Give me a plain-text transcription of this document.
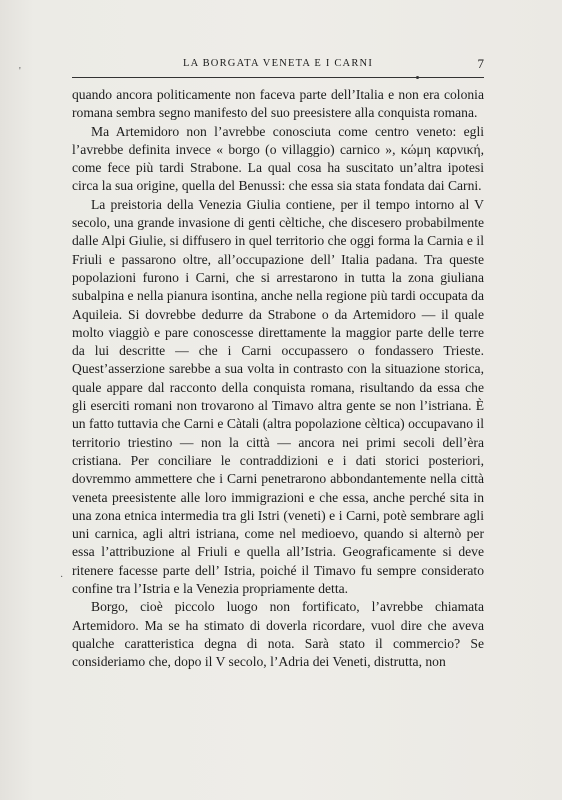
LA BORGATA VENETA E I CARNI	7

quando ancora politicamente non faceva parte dell’Italia e non era colonia romana sembra segno manifesto del suo preesistere alla conquista romana.

Ma Artemidoro non l’avrebbe conosciuta come centro veneto: egli l’avrebbe definita invece « borgo (o villaggio) carnico », κώμη καρνική, come fece più tardi Strabone. La qual cosa ha suscitato un’altra ipotesi circa la sua origine, quella del Benussi: che essa sia stata fondata dai Carni.

La preistoria della Venezia Giulia contiene, per il tempo intorno al V secolo, una grande invasione di genti cèltiche, che discesero probabilmente dalle Alpi Giulie, si diffusero in quel territorio che oggi forma la Carnia e il Friuli e passarono oltre, all’occupazione dell’ Italia padana. Tra queste popolazioni furono i Carni, che si arrestarono in tutta la zona giuliana subalpina e nella pianura isontina, anche nella regione più tardi occupata da Aquileia. Si dovrebbe dedurre da Strabone o da Artemidoro — il quale molto viaggiò e pare conoscesse direttamente la maggior parte delle terre da lui descritte — che i Carni occupassero o fondassero Trieste. Quest’asserzione sarebbe a sua volta in contrasto con la situazione storica, quale appare dal racconto della conquista romana, risultando da essa che gli eserciti romani non trovarono al Timavo altra gente se non l’istriana. È un fatto tuttavia che Carni e Càtali (altra popolazione cèltica) occupavano il territorio triestino — non la città — ancora nei primi secoli dell’èra cristiana. Per conciliare le contraddizioni e i dati storici posteriori, dovremmo ammettere che i Carni penetrarono abbondantemente nella città veneta preesistente alle loro immigrazioni e che essa, anche perché sita in una zona etnica intermedia tra gli Istri (veneti) e i Carni, potè sembrare agli uni carnica, agli altri istriana, come nel medioevo, quando si alternò per essa l’attribuzione al Friuli e quella all’Istria. Geograficamente si deve ritenere facesse parte dell’ Istria, poiché il Timavo fu sempre considerato confine tra l’Istria e la Venezia propriamente detta.

Borgo, cioè piccolo luogo non fortificato, l’avrebbe chiamata Artemidoro. Ma se ha stimato di doverla ricordare, vuol dire che aveva qualche caratteristica degna di nota. Sarà stato il commercio? Se consideriamo che, dopo il V secolo, l’Adria dei Veneti, distrutta, non

'
·
